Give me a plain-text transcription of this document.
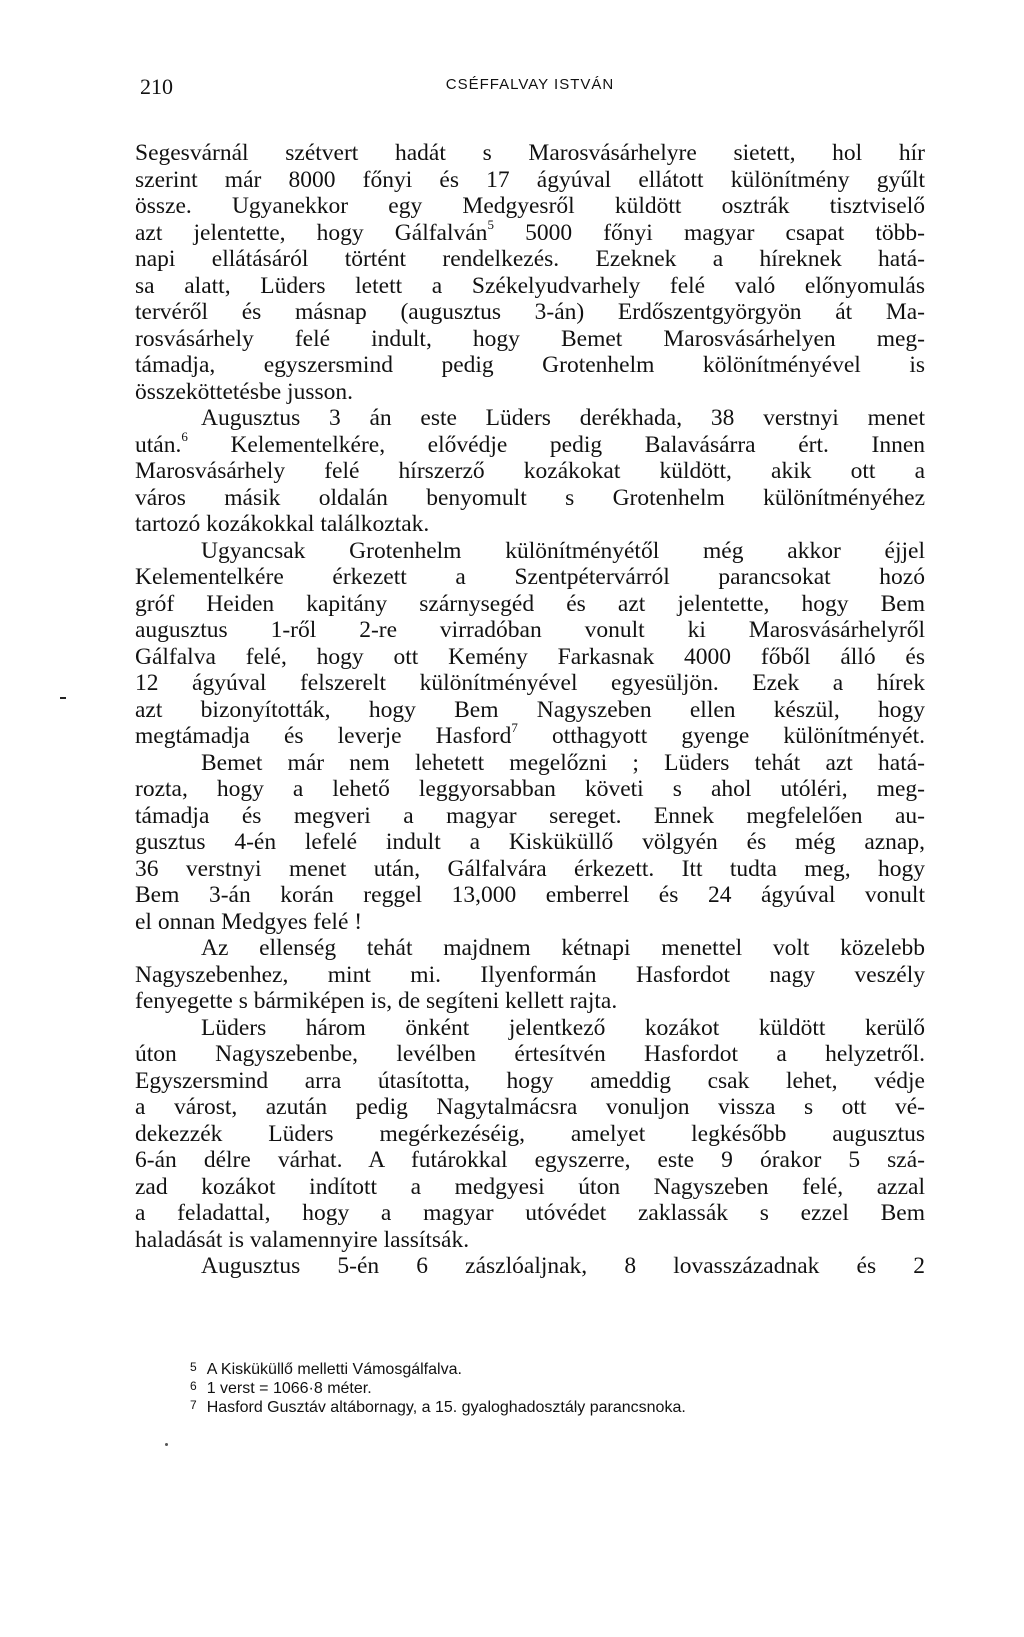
210	CSÉFFALVAY ISTVÁN
Segesvárnál szétvert hadát s Marosvásárhelyre sietett, hol hír
szerint már 8000 főnyi és 17 ágyúval ellátott különítmény gyűlt
össze. Ugyanekkor egy Medgyesről küldött osztrák tisztviselő
azt jelentette, hogy Gálfalván$^5$ 5000 főnyi magyar csapat több-
napi ellátásáról történt rendelkezés. Ezeknek a híreknek hatá-
sa alatt, Lüders letett a Székelyudvarhely felé való előnyomulás
tervéről és másnap (augusztus 3-án) Erdőszentgyörgyön át Ma-
rosvásárhely felé indult, hogy Bemet Marosvásárhelyen meg-
támadja, egyszersmind pedig Grotenhelm kölönítményével is
összeköttetésbe jusson.
Augusztus 3 án este Lüders derékhada, 38 verstnyi menet
után.$^6$ Kelementelkére, elővédje pedig Balavásárra ért. Innen
Marosvásárhely felé hírszerző kozákokat küldött, akik ott a
város másik oldalán benyomult s Grotenhelm különítményéhez
tartozó kozákokkal találkoztak.
Ugyancsak Grotenhelm különítményétől még akkor éjjel
Kelementelkére érkezett a Szentpétervárról parancsokat hozó
gróf Heiden kapitány szárnysegéd és azt jelentette, hogy Bem
augusztus 1-ről 2-re virradóban vonult ki Marosvásárhelyről
Gálfalva felé, hogy ott Kemény Farkasnak 4000 főből álló és
12 ágyúval felszerelt különítményével egyesüljön. Ezek a hírek
azt bizonyították, hogy Bem Nagyszeben ellen készül, hogy
megtámadja és leverje Hasford$^7$ otthagyott gyenge különítményét.
Bemet már nem lehetett megelőzni ; Lüders tehát azt hatá-
rozta, hogy a lehető leggyorsabban követi s ahol utóléri, meg-
támadja és megveri a magyar sereget. Ennek megfelelően au-
gusztus 4-én lefelé indult a Kisküküllő völgyén és még aznap,
36 verstnyi menet után, Gálfalvára érkezett. Itt tudta meg, hogy
Bem 3-án korán reggel 13,000 emberrel és 24 ágyúval vonult
el onnan Medgyes felé !
Az ellenség tehát majdnem kétnapi menettel volt közelebb
Nagyszebenhez, mint mi. Ilyenformán Hasfordot nagy veszély
fenyegette s bármiképen is, de segíteni kellett rajta.
Lüders három önként jelentkező kozákot küldött kerülő
úton Nagyszebenbe, levélben értesítvén Hasfordot a helyzetről.
Egyszersmind arra útasította, hogy ameddig csak lehet, védje
a várost, azután pedig Nagytalmácsra vonuljon vissza s ott vé-
dekezzék Lüders megérkezéséig, amelyet legkésőbb augusztus
6-án délre várhat. A futárokkal egyszerre, este 9 órakor 5 szá-
zad kozákot indított a medgyesi úton Nagyszeben felé, azzal
a feladattal, hogy a magyar utóvédet zaklassák s ezzel Bem
haladását is valamennyire lassítsák.
Augusztus 5-én 6 zászlóaljnak, 8 lovasszázadnak és 2
5 A Kisküküllő melletti Vámosgálfalva.
6 1 verst = 1066·8 méter.
7 Hasford Gusztáv altábornagy, a 15. gyaloghadosztály parancsnoka.
